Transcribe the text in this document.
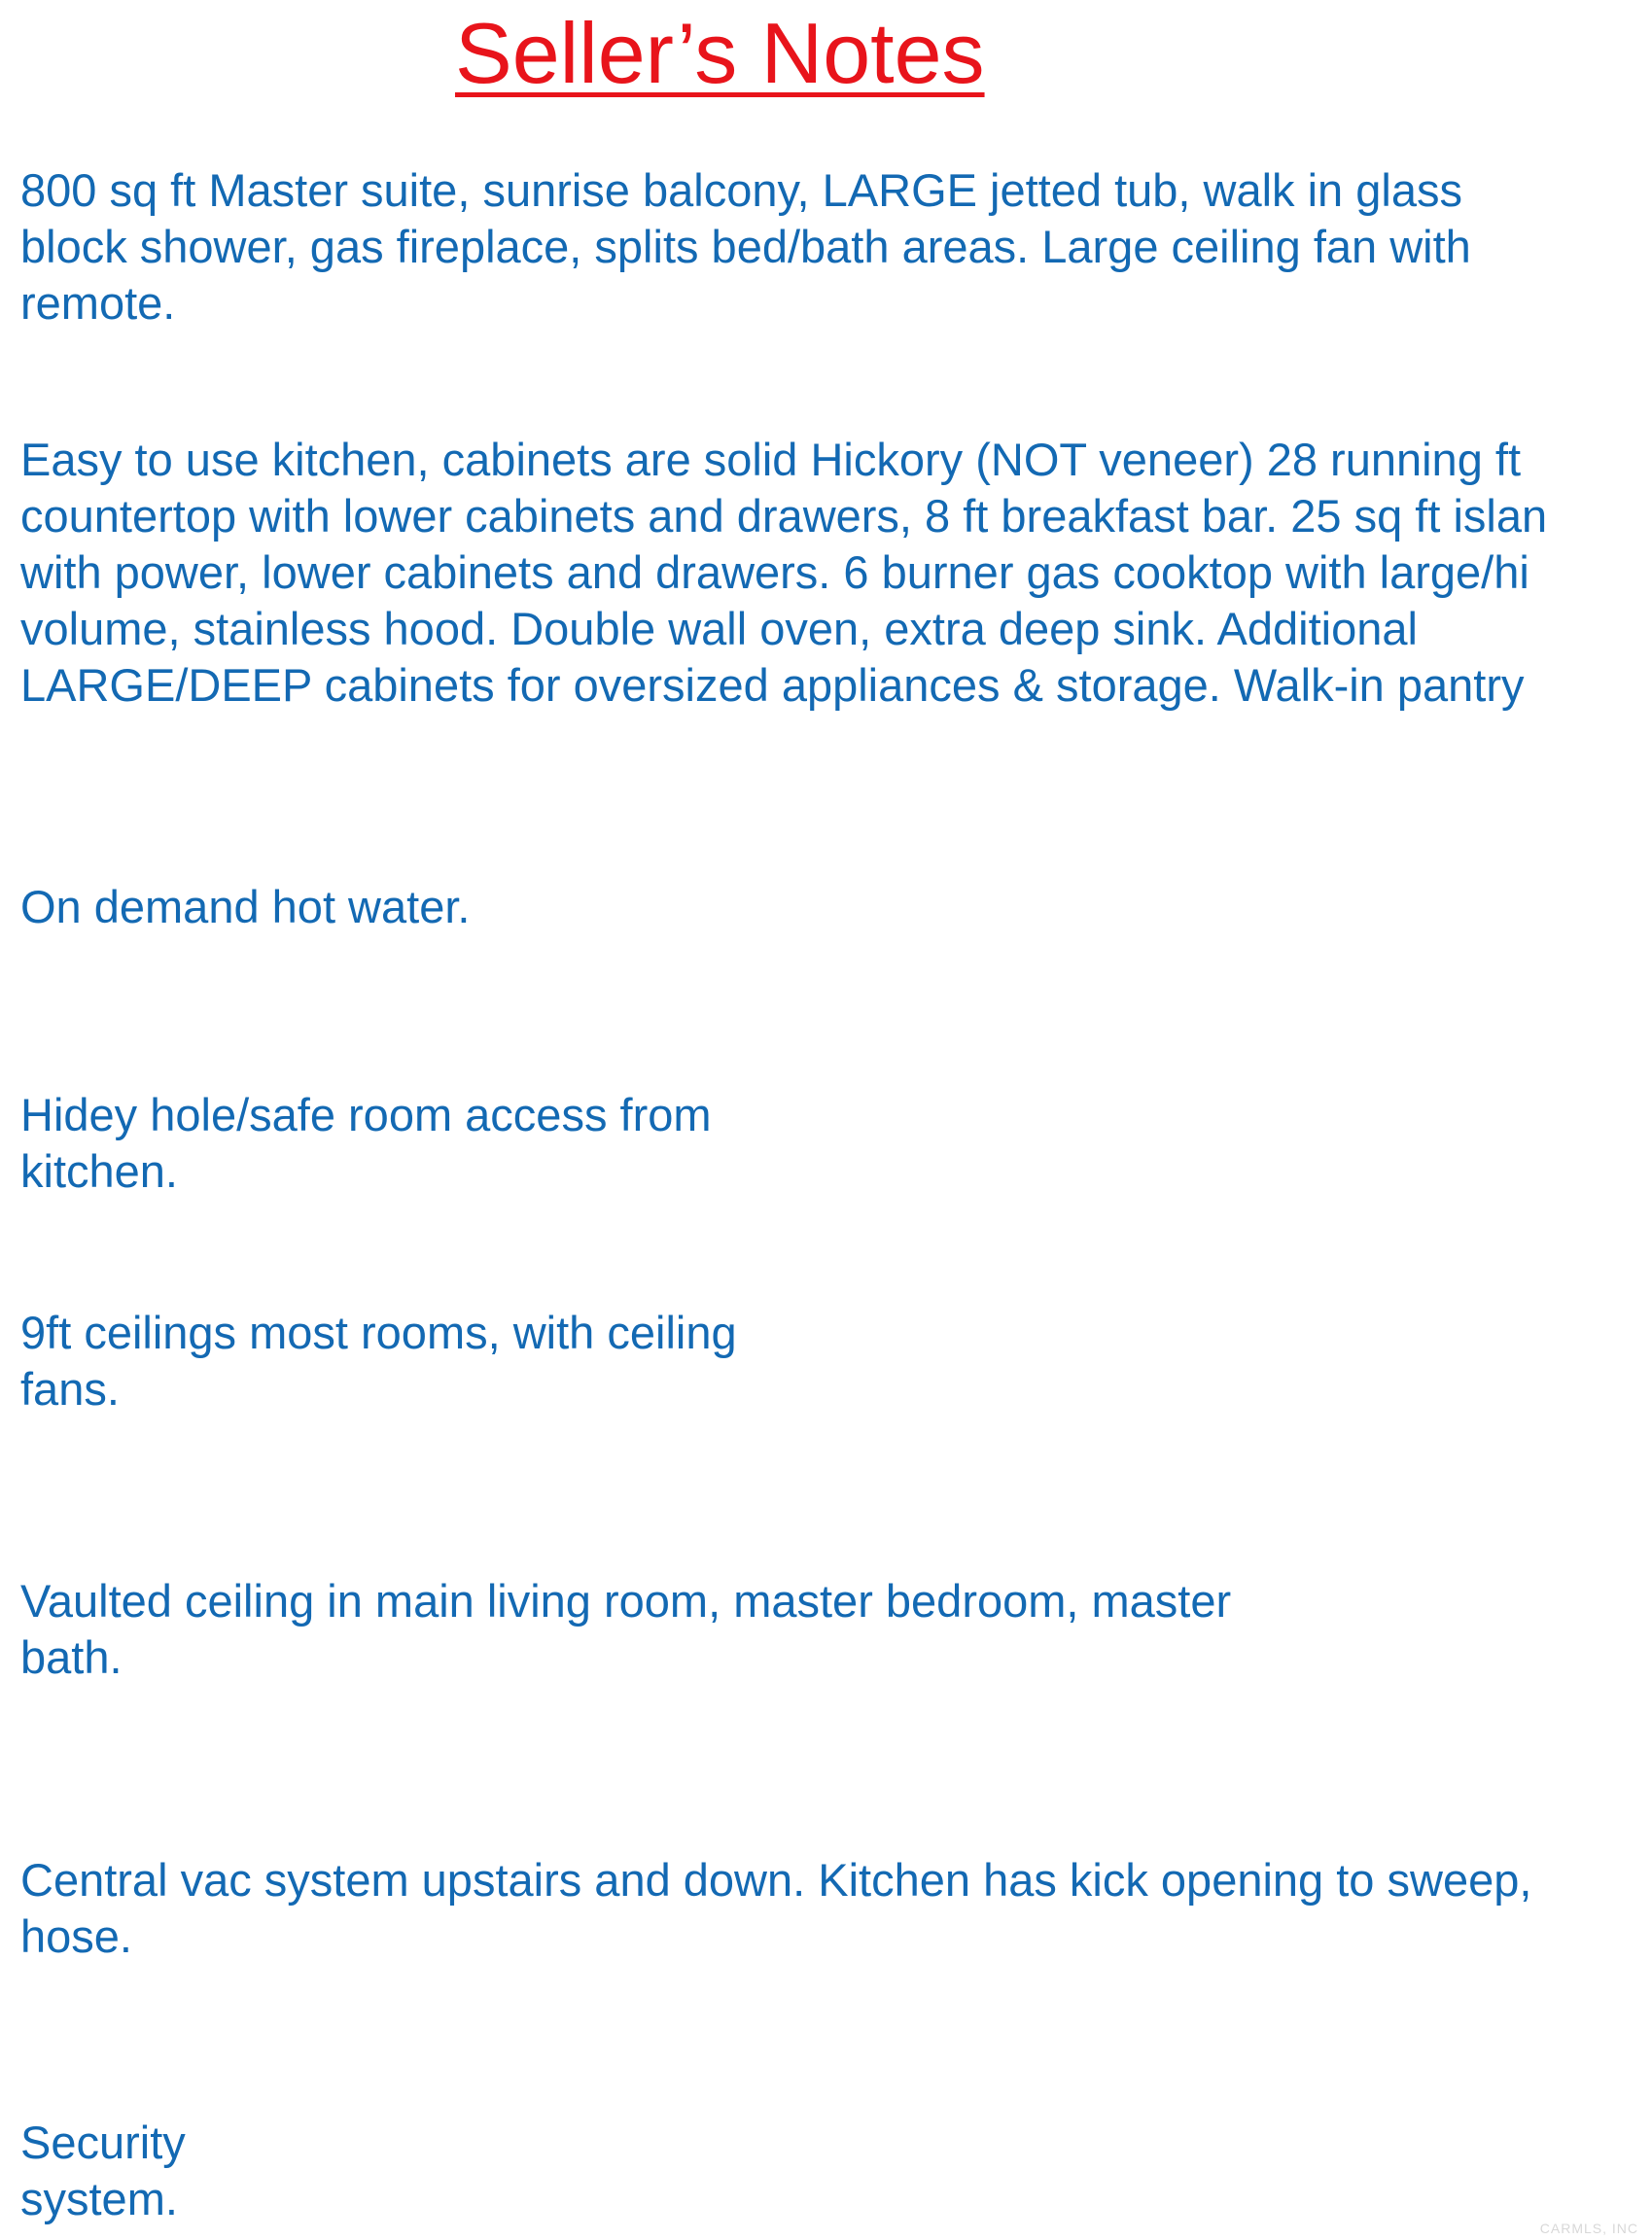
Seller’s Notes

800 sq ft Master suite, sunrise balcony, LARGE jetted tub, walk in glass
block shower, gas fireplace, splits bed/bath areas. Large ceiling fan with
remote.

Easy to use kitchen, cabinets are solid Hickory (NOT veneer) 28 running ft
countertop with lower cabinets and drawers, 8 ft breakfast bar. 25 sq ft islan
with power, lower cabinets and drawers. 6 burner gas cooktop with large/hi
volume, stainless hood. Double wall oven, extra deep sink. Additional
LARGE/DEEP cabinets for oversized appliances & storage. Walk-in pantry

On demand hot water.

Hidey hole/safe room access from
kitchen.

9ft ceilings most rooms, with ceiling
fans.

Vaulted ceiling in main living room, master bedroom, master
bath.

Central vac system upstairs and down. Kitchen has kick opening to sweep,
hose.

Security
system.

CARMLS, INC
